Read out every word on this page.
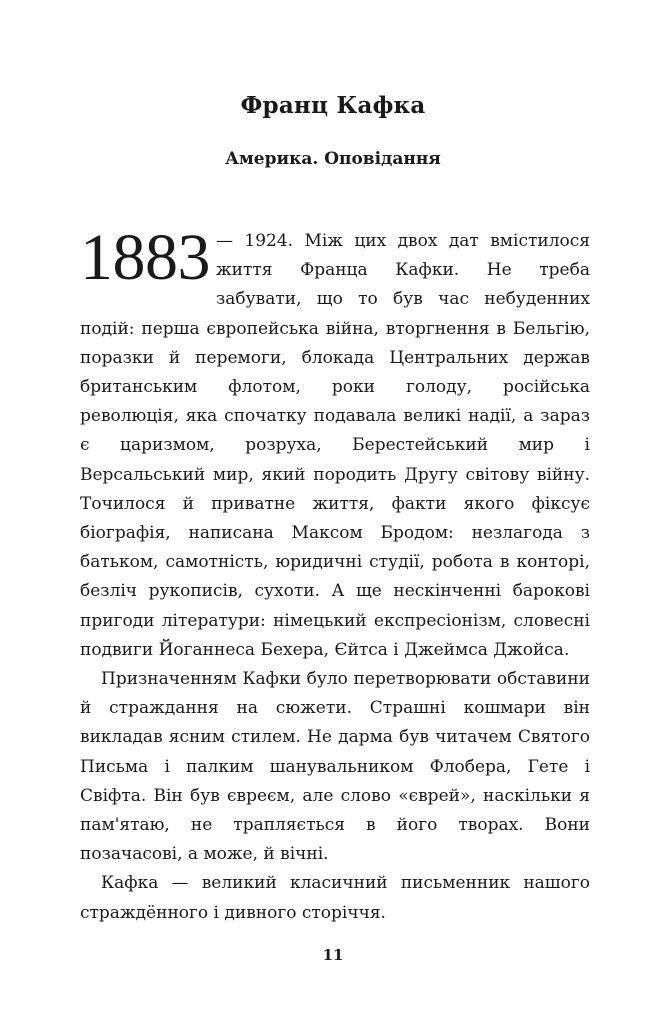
Франц Кафка
Америка. Оповідання

1883 — 1924. Між цих двох дат вмістилося життя Франца Кафки. Не треба забувати, що то був час небуденних подій: перша європейська війна, вторгнення в Бельгію, поразки й перемоги, блокада Центральних держав британським флотом, роки голоду, російська революція, яка спочатку подавала великі надії, а зараз є царизмом, розруха, Берестейський мир і Версальський мир, який породить Другу світову війну. Точилося й приватне життя, факти якого фіксує біографія, написана Максом Бродом: незлагода з батьком, самотність, юридичні студії, робота в конторі, безліч рукописів, сухоти. А ще нескінченні барокові пригоди літератури: німецький експресіонізм, словесні подвиги Йоганнеса Бехера, Єйтса і Джеймса Джойса.

Призначенням Кафки було перетворювати обставини й страждання на сюжети. Страшні кошмари він викладав ясним стилем. Не дарма був читачем Святого Письма і палким шанувальником Флобера, Гете і Свіфта. Він був євреєм, але слово «єврей», наскільки я пам'ятаю, не трапляється в його творах. Вони позачасові, а може, й вічні.

Кафка — великий класичний письменник нашого страждённого і дивного сторіччя.

11
